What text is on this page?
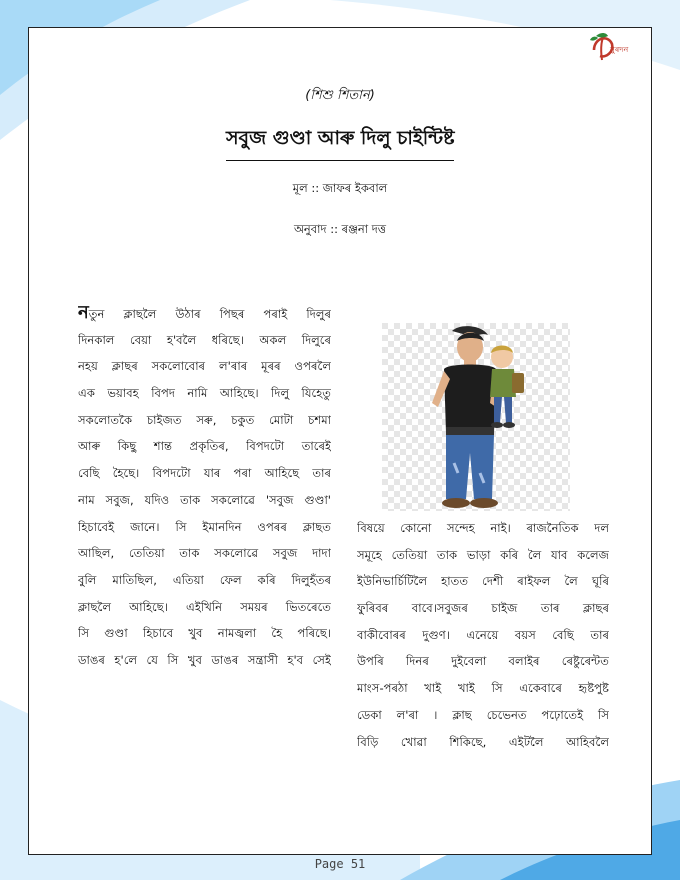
নুৰদন
(শিশু শিতান)
সবুজ গুণ্ডা আৰু দিলু চাইন্টিষ্ট
মূল :: জাফৰ ইকবাল
অনুবাদ :: ৰঞ্জনা দত্ত
নতুন ক্লাছলৈ উঠাৰ পিছৰ পৰাই দিলুৰ
দিনকাল বেয়া হ'বলৈ ধৰিছে। অকল দিলুৰে
নহয় ক্লাছৰ সকলোবোৰ ল'ৰাৰ মূৰৰ ওপৰলৈ
এক ভয়াবহ বিপদ নামি আহিছে। দিলু যিহেতু
সকলোতকৈ চাইজত সৰু, চকুত মোটা চশমা
আৰু কিছু শান্ত প্ৰকৃতিৰ, বিপদটো তাৰেই
বেছি হৈছে। বিপদটো যাৰ পৰা আহিছে তাৰ
নাম সবুজ, যদিও তাক সকলোৱে 'সবুজ গুণ্ডা'
হিচাবেই জানে। সি ইমানদিন ওপৰৰ ক্লাছত
আছিল, তেতিয়া তাক সকলোৱে সবুজ দাদা
বুলি মাতিছিল, এতিয়া ফেল কৰি দিলুহঁতৰ
ক্লাছলৈ আহিছে। এইখিনি সময়ৰ ভিতৰেতে
সি গুণ্ডা হিচাবে খুব নামজ্বলা হৈ পৰিছে।
ডাঙৰ হ'লে যে সি খুব ডাঙৰ সন্ত্ৰাসী হ'ব সেই
বিষয়ে কোনো সন্দেহ নাই। ৰাজনৈতিক দল
সমূহে তেতিয়া তাক ভাড়া কৰি লৈ যাব কলেজ
ইউনিভাৰ্চিটিলৈ হাতত দেশী ৰাইফল লৈ ঘূৰি
ফুৰিবৰ বাবে।সবুজৰ চাইজ তাৰ ক্লাছৰ
বাকীবোৰৰ দুগুণ। এনেয়ে বয়স বেছি তাৰ
উপৰি দিনৰ দুইবেলা বলাইৰ ৰেষ্টুৰেন্টত
মাংস-পৰঠা খাই খাই সি একেবাৰে হৃষ্টপুষ্ট
ডেকা ল'ৰা । ক্লাছ চেভেনত পঢ়োতেই সি
বিড়ি খোৱা শিকিছে, এইটলৈ আহিবলৈ
Page 51
